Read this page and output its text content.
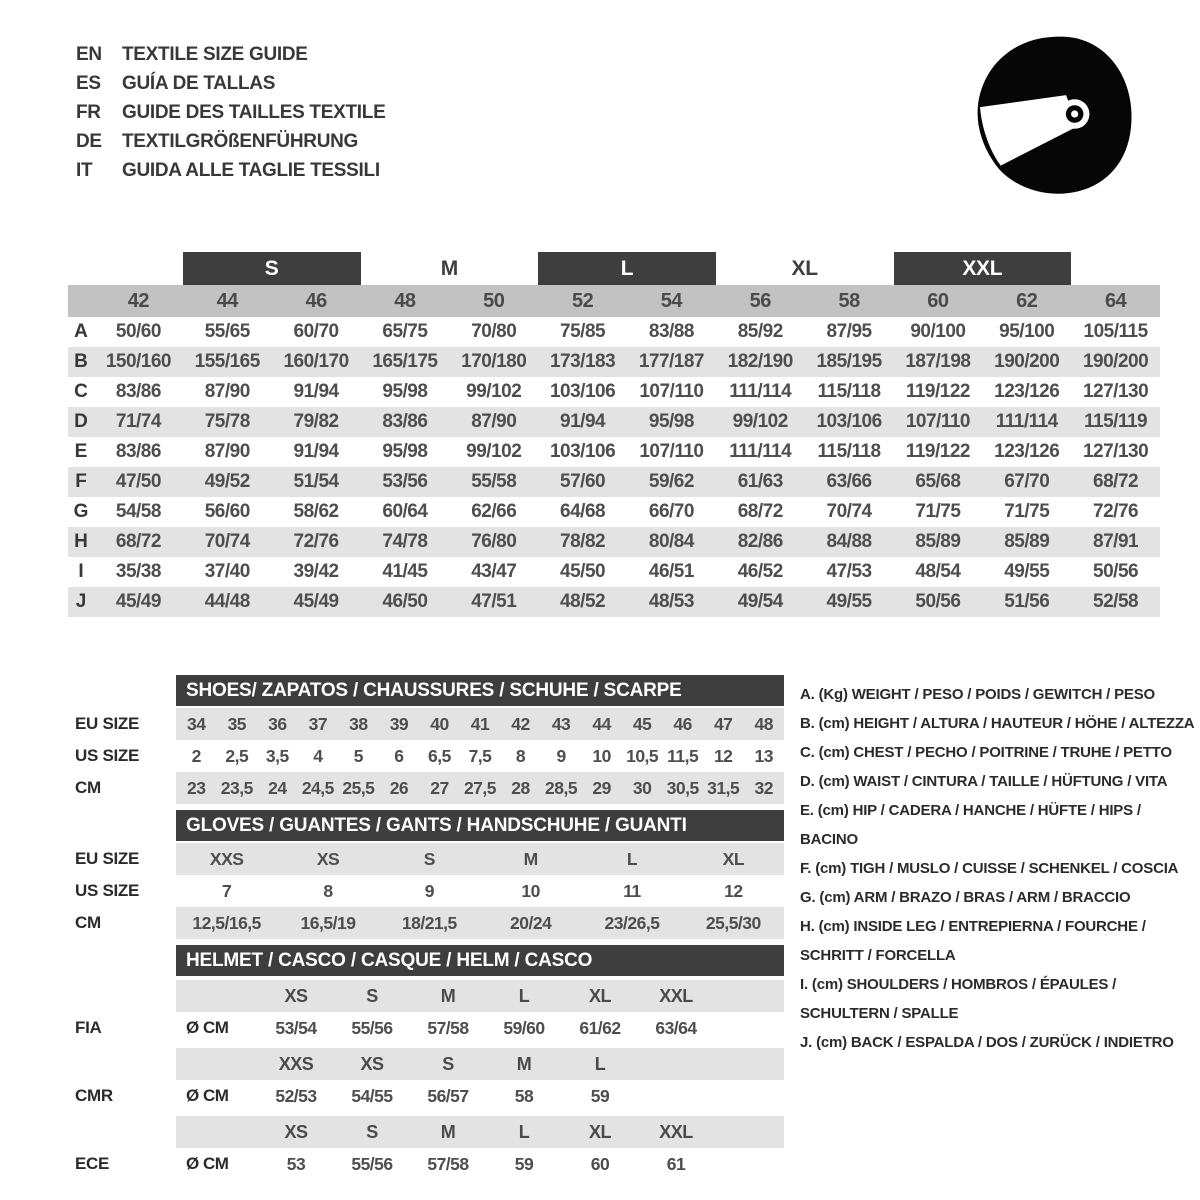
EN	TEXTILE SIZE GUIDE
ES	GUÍA DE TALLAS
FR	GUIDE DES TAILLES TEXTILE
DE	TEXTILGRÖßENFÜHRUNG
IT	GUIDA ALLE TAGLIE TESSILI
S	M	L	XL	XXL
42	44	46	48	50	52	54	56	58	60	62	64
A	50/60	55/65	60/70	65/75	70/80	75/85	83/88	85/92	87/95	90/100	95/100	105/115
B 150/160	155/165	160/170	165/175	170/180	173/183	177/187	182/190	185/195	187/198	190/200	190/200
C	83/86	87/90	91/94	95/98	99/102	103/106	107/110	111/114	115/118	119/122	123/126	127/130
D	71/74	75/78	79/82	83/86	87/90	91/94	95/98	99/102	103/106	107/110	111/114	115/119
E	83/86	87/90	91/94	95/98	99/102	103/106	107/110	111/114	115/118	119/122	123/126	127/130
F	47/50	49/52	51/54	53/56	55/58	57/60	59/62	61/63	63/66	65/68	67/70	68/72
G	54/58	56/60	58/62	60/64	62/66	64/68	66/70	68/72	70/74	71/75	71/75	72/76
H	68/72	70/74	72/76	74/78	76/80	78/82	80/84	82/86	84/88	85/89	85/89	87/91
I	35/38	37/40	39/42	41/45	43/47	45/50	46/51	46/52	47/53	48/54	49/55	50/56
J	45/49	44/48	45/49	46/50	47/51	48/52	48/53	49/54	49/55	50/56	51/56	52/58
SHOES/ ZAPATOS / CHAUSSURES / SCHUHE / SCARPE
EU SIZE	34	35	36	37	38	39	40	41	42	43	44	45	46	47	48
US SIZE	2	2,5	3,5	4	5	6	6,5	7,5	8	9	10 10,5 11,5 12	13
CM	23 23,5 24 24,5 25,5 26	27 27,5 28 28,5 29	30 30,5 31,5 32
GLOVES / GUANTES / GANTS / HANDSCHUHE / GUANTI
EU SIZE	XXS	XS	S	M	L	XL
US SIZE	7	8	9	10	11	12
CM	12,5/16,5	16,5/19	18/21,5	20/24	23/26,5	25,5/30
HELMET / CASCO / CASQUE / HELM / CASCO
XS	S	M	L	XL	XXL
FIA	Ø CM	53/54	55/56	57/58	59/60	61/62	63/64
XXS	XS	S	M	L
CMR	Ø CM	52/53	54/55	56/57	58	59
XS	S	M	L	XL	XXL
ECE	Ø CM	53	55/56	57/58	59	60	61
A. (Kg) WEIGHT / PESO / POIDS / GEWITCH / PESO
B. (cm) HEIGHT / ALTURA / HAUTEUR / HÖHE / ALTEZZA
C. (cm) CHEST / PECHO / POITRINE / TRUHE / PETTO
D. (cm) WAIST / CINTURA / TAILLE / HÜFTUNG / VITA
E. (cm) HIP / CADERA / HANCHE / HÜFTE / HIPS / BACINO
F. (cm) TIGH / MUSLO / CUISSE / SCHENKEL / COSCIA
G. (cm) ARM / BRAZO / BRAS / ARM / BRACCIO
H. (cm) INSIDE LEG / ENTREPIERNA / FOURCHE / SCHRITT / FORCELLA
I. (cm) SHOULDERS / HOMBROS / ÉPAULES / SCHULTERN / SPALLE
J. (cm) BACK / ESPALDA / DOS / ZURÜCK / INDIETRO
